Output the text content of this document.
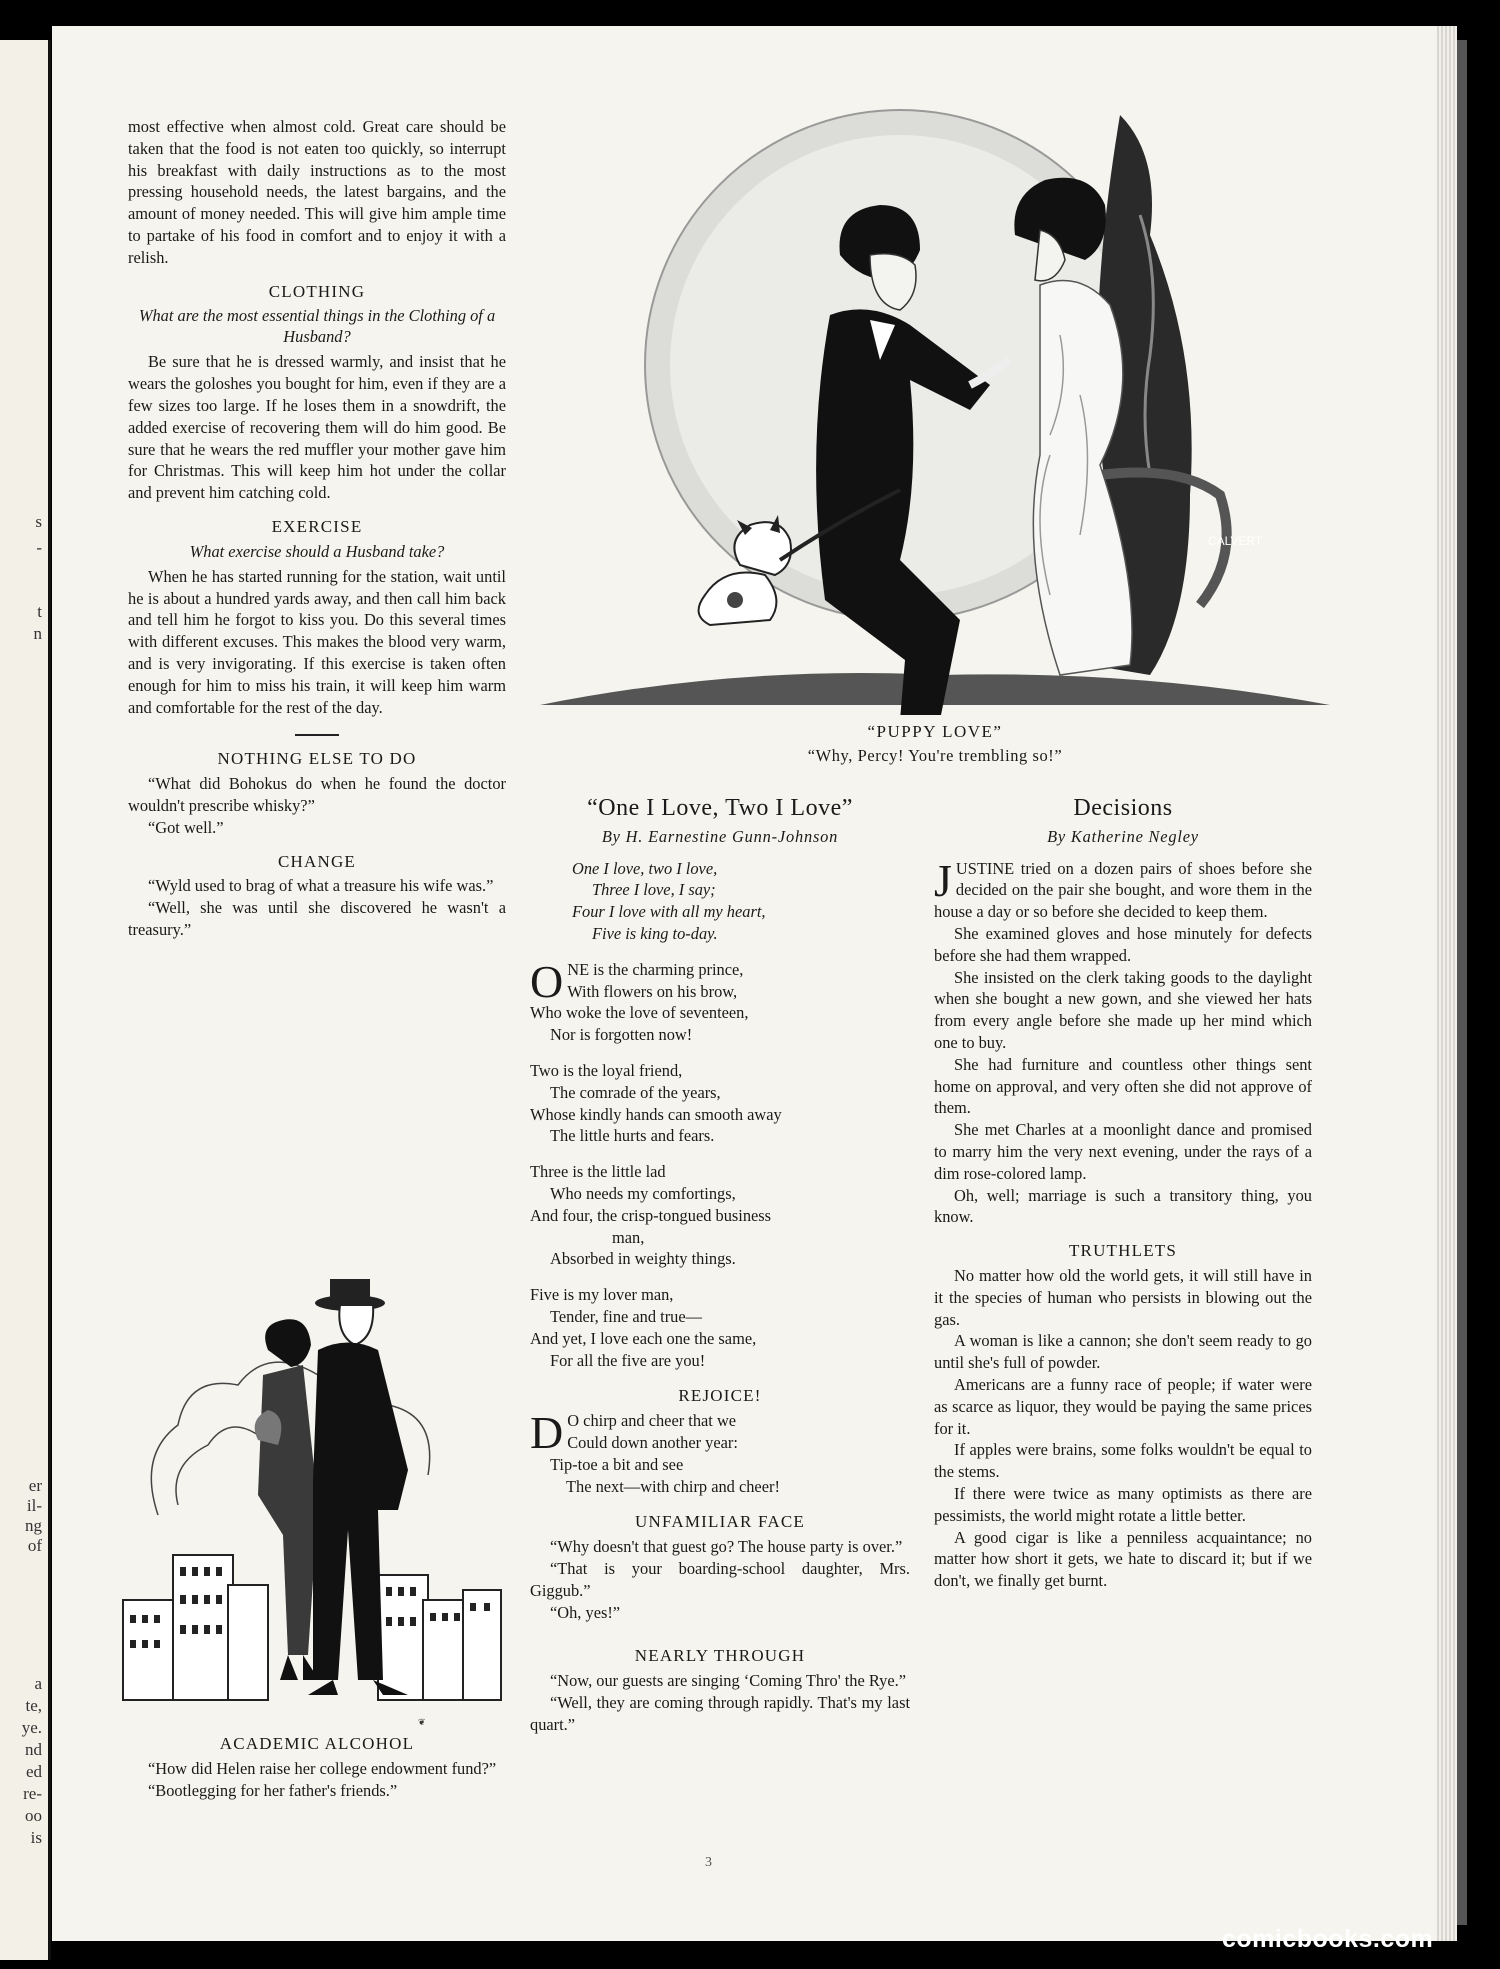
s
-
t
n
er
il-
ng
of
a
te,
ye.
nd
ed
re-
oo
is

most effective when almost cold. Great care should be taken that the food is not eaten too quickly, so interrupt his breakfast with daily instructions as to the most pressing household needs, the latest bargains, and the amount of money needed. This will give him ample time to partake of his food in comfort and to enjoy it with a relish.

CLOTHING
What are the most essential things in the Clothing of a Husband?

Be sure that he is dressed warmly, and insist that he wears the goloshes you bought for him, even if they are a few sizes too large. If he loses them in a snowdrift, the added exercise of recovering them will do him good. Be sure that he wears the red muffler your mother gave him for Christmas. This will keep him hot under the collar and prevent him catching cold.

EXERCISE
What exercise should a Husband take?

When he has started running for the station, wait until he is about a hundred yards away, and then call him back and tell him he forgot to kiss you. Do this several times with different excuses. This makes the blood very warm, and is very invigorating. If this exercise is taken often enough for him to miss his train, it will keep him warm and comfortable for the rest of the day.

NOTHING ELSE TO DO

“What did Bohokus do when he found the doctor wouldn't prescribe whisky?”

“Got well.”

CHANGE

“Wyld used to brag of what a treasure his wife was.”

“Well, she was until she discovered he wasn't a treasury.”

❦
ACADEMIC ALCOHOL

“How did Helen raise her college endowment fund?”

“Bootlegging for her father's friends.”

CALVERT
“PUPPY LOVE”
“Why, Percy! You're trembling so!”
“One I Love, Two I Love”
By H. Earnestine Gunn-Johnson
One I love, two I love,
Three I love, I say;
Four I love with all my heart,
Five is king to-day.
O NE is the charming prince,
With flowers on his brow,
Who woke the love of seventeen,
Nor is forgotten now!
Two is the loyal friend,
The comrade of the years,
Whose kindly hands can smooth away
The little hurts and fears.
Three is the little lad
Who needs my comfortings,
And four, the crisp-tongued business
man,
Absorbed in weighty things.
Five is my lover man,
Tender, fine and true—
And yet, I love each one the same,
For all the five are you!
REJOICE!
D O chirp and cheer that we
Could down another year:
Tip-toe a bit and see
The next—with chirp and cheer!
UNFAMILIAR FACE

“Why doesn't that guest go? The house party is over.”

“That is your boarding-school daughter, Mrs. Giggub.”

“Oh, yes!”

NEARLY THROUGH

“Now, our guests are singing ‘Coming Thro' the Rye.”

“Well, they are coming through rapidly. That's my last quart.”

Decisions
By Katherine Negley

JUSTINE tried on a dozen pairs of shoes before she decided on the pair she bought, and wore them in the house a day or so before she decided to keep them.

She examined gloves and hose minutely for defects before she had them wrapped.

She insisted on the clerk taking goods to the daylight when she bought a new gown, and she viewed her hats from every angle before she made up her mind which one to buy.

She had furniture and countless other things sent home on approval, and very often she did not approve of them.

She met Charles at a moonlight dance and promised to marry him the very next evening, under the rays of a dim rose-colored lamp.

Oh, well; marriage is such a transitory thing, you know.

TRUTHLETS

No matter how old the world gets, it will still have in it the species of human who persists in blowing out the gas.

A woman is like a cannon; she don't seem ready to go until she's full of powder.

Americans are a funny race of people; if water were as scarce as liquor, they would be paying the same prices for it.

If apples were brains, some folks wouldn't be equal to the stems.

If there were twice as many optimists as there are pessimists, the world might rotate a little better.

A good cigar is like a penniless acquaintance; no matter how short it gets, we hate to discard it; but if we don't, we finally get burnt.

3
comicbooks.com
